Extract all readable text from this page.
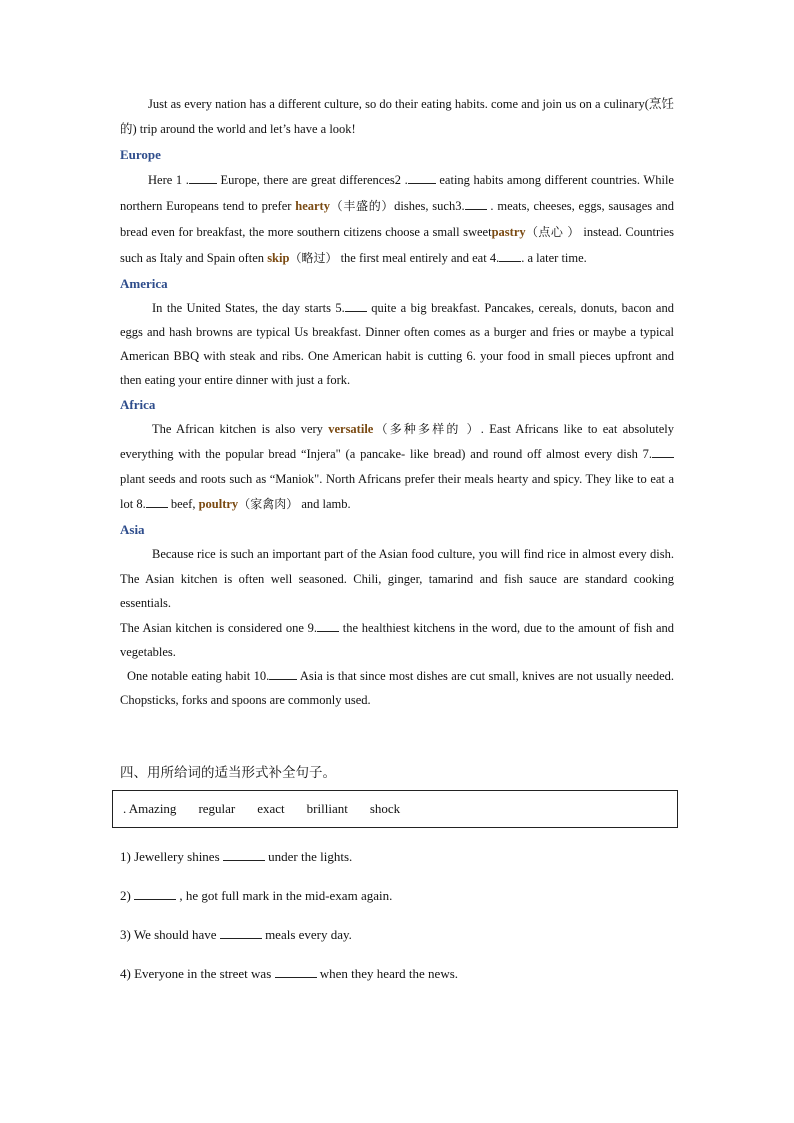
Just as every nation has a different culture, so do their eating habits. come and join us on a culinary(烹饪的) trip around the world and let’s have a look!

Europe

Here 1 . Europe, there are great differences2 . eating habits among different countries. While northern Europeans tend to prefer hearty（丰盛的）dishes, such3. . meats, cheeses, eggs, sausages and bread even for breakfast, the more southern citizens choose a small sweetpastry（点心 ） instead. Countries such as Italy and Spain often skip（略过） the first meal entirely and eat 4. . a later time.

America

In the United States, the day starts 5. quite a big breakfast. Pancakes, cereals, donuts, bacon and eggs and hash browns are typical Us breakfast. Dinner often comes as a burger and fries or maybe a typical American BBQ with steak and ribs. One American habit is cutting 6. your food in small pieces upfront and then eating your entire dinner with just a fork.

Africa

The African kitchen is also very versatile（多种多样的 ）. East Africans like to eat absolutely everything with the popular bread “Injera" (a pancake- like bread) and round off almost every dish 7. plant seeds and roots such as “Maniok". North Africans prefer their meals hearty and spicy. They like to eat a lot 8. beef, poultry（家禽肉） and lamb.

Asia

Because rice is such an important part of the Asian food culture, you will find rice in almost every dish. The Asian kitchen is often well seasoned. Chili, ginger, tamarind and fish sauce are standard cooking essentials.

The Asian kitchen is considered one 9. the healthiest kitchens in the word, due to the amount of fish and vegetables.

One notable eating habit 10. Asia is that since most dishes are cut small, knives are not usually needed. Chopsticks, forks and spoons are commonly used.

四、用所给词的适当形式补全句子。

. Amazing regular exact brilliant shock

1) Jewellery shines	under the lights.

2)	, he got full mark in the mid-exam again.

3) We should have	meals every day.

4) Everyone in the street was	when they heard the news.
